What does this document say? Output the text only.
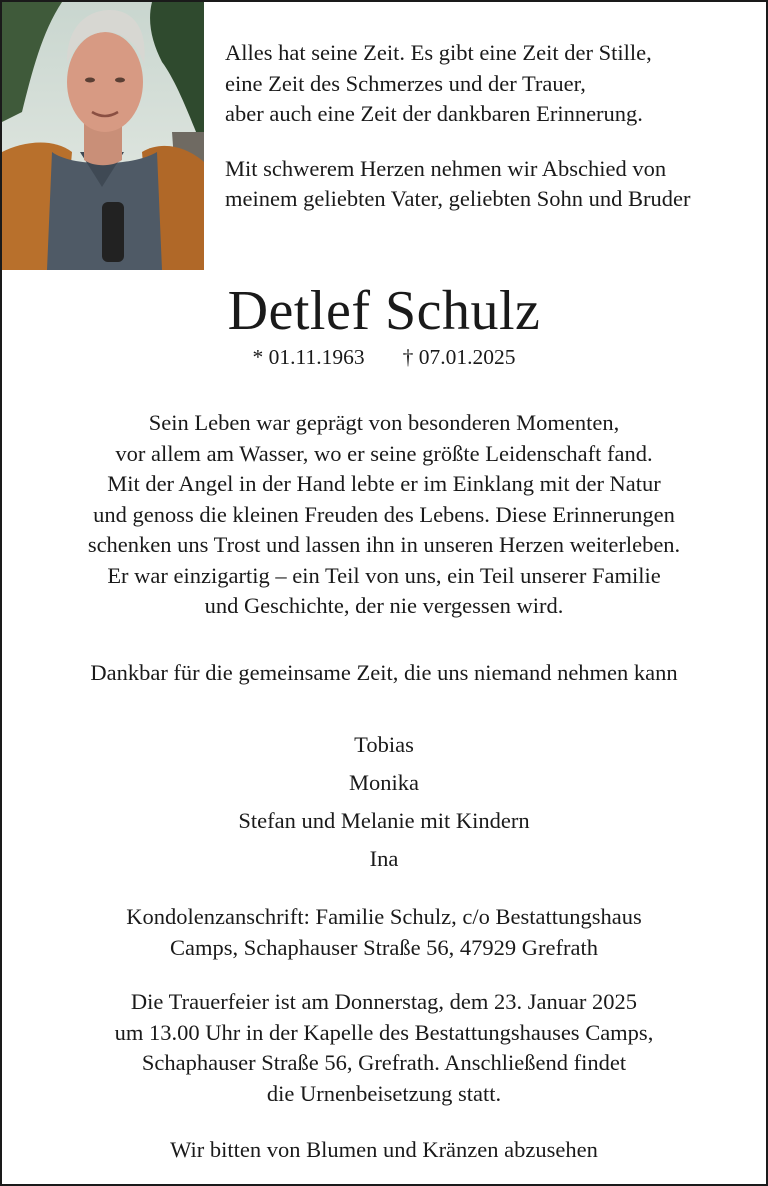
Alles hat seine Zeit. Es gibt eine Zeit der Stille,
eine Zeit des Schmerzes und der Trauer,
aber auch eine Zeit der dankbaren Erinnerung.

Mit schwerem Herzen nehmen wir Abschied von
meinem geliebten Vater, geliebten Sohn und Bruder

Detlef Schulz
* 01.11.1963 † 07.01.2025

Sein Leben war geprägt von besonderen Momenten,

vor allem am Wasser, wo er seine größte Leidenschaft fand.

Mit der Angel in der Hand lebte er im Einklang mit der Natur

und genoss die kleinen Freuden des Lebens. Diese Erinnerungen

schenken uns Trost und lassen ihn in unseren Herzen weiterleben.

Er war einzigartig – ein Teil von uns, ein Teil unserer Familie

und Geschichte, der nie vergessen wird.

Dankbar für die gemeinsame Zeit, die uns niemand nehmen kann

Tobias

Monika

Stefan und Melanie mit Kindern

Ina

Kondolenzanschrift: Familie Schulz, c/o Bestattungshaus

Camps, Schaphauser Straße 56, 47929 Grefrath

Die Trauerfeier ist am Donnerstag, dem 23. Januar 2025

um 13.00 Uhr in der Kapelle des Bestattungshauses Camps,

Schaphauser Straße 56, Grefrath. Anschließend findet

die Urnenbeisetzung statt.

Wir bitten von Blumen und Kränzen abzusehen
